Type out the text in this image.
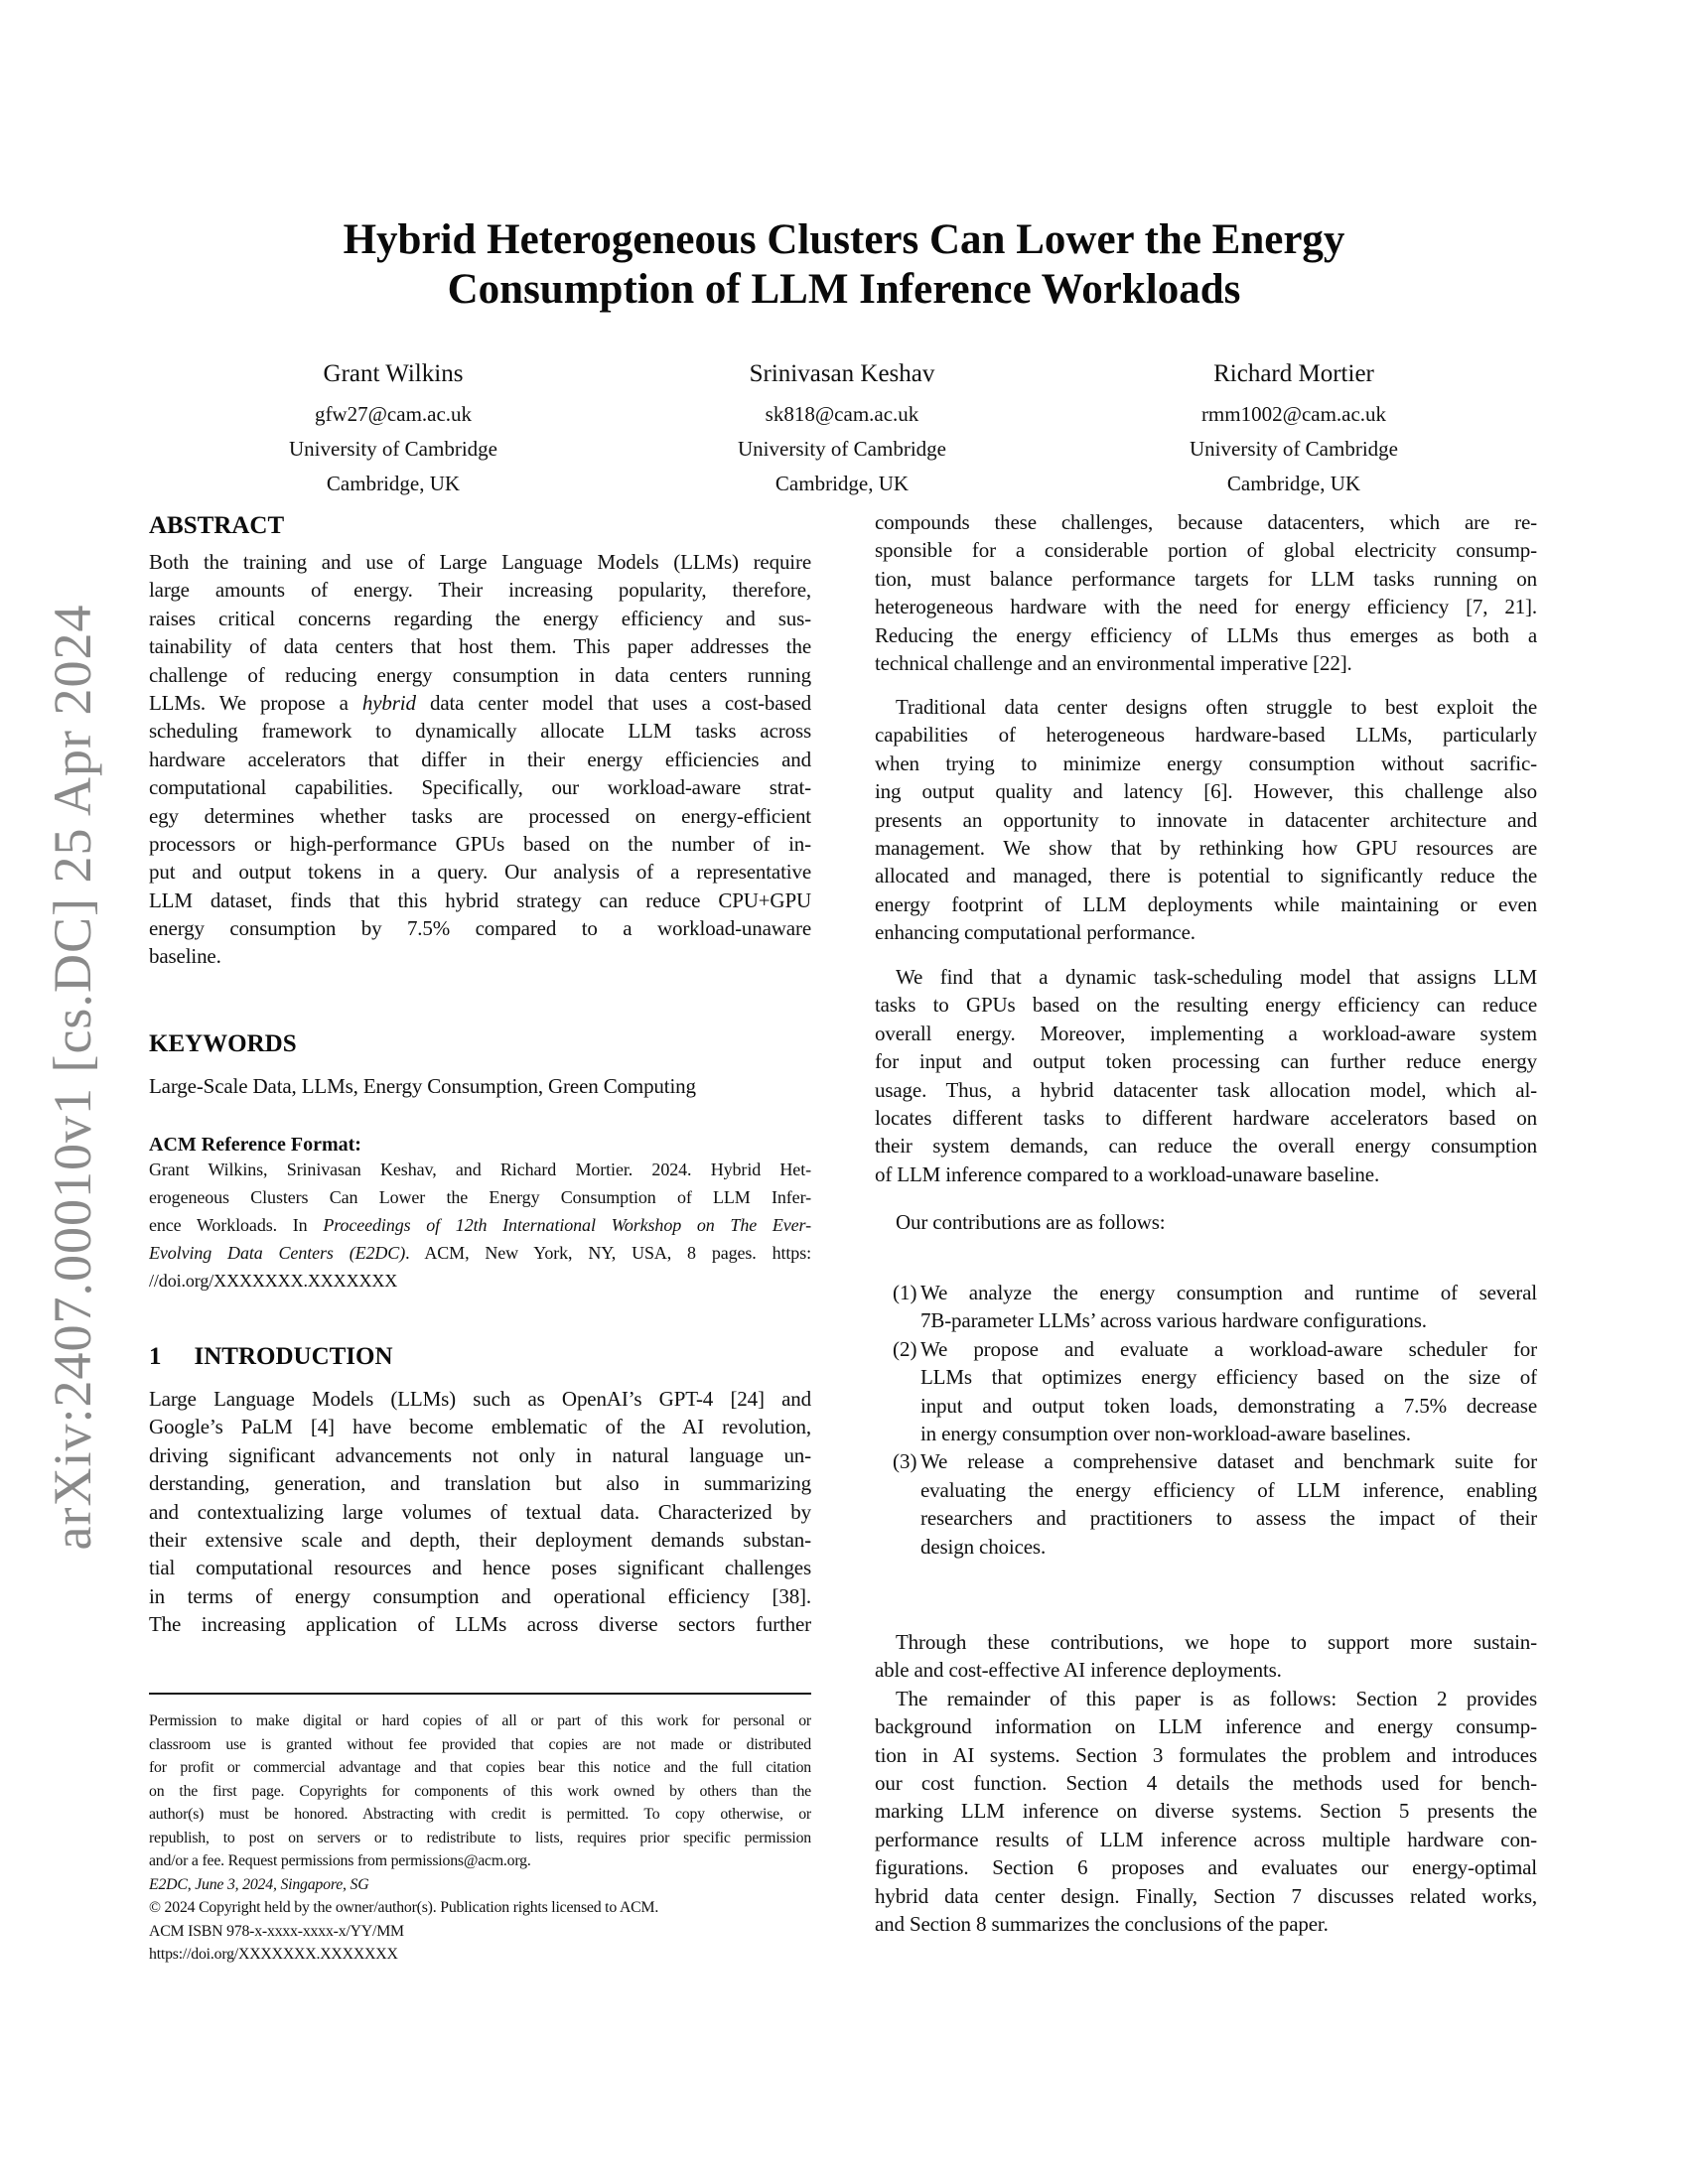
arXiv:2407.00010v1 [cs.DC] 25 Apr 2024
Hybrid Heterogeneous Clusters Can Lower the Energy
Consumption of LLM Inference Workloads
Grant Wilkins
gfw27@cam.ac.uk
University of Cambridge
Cambridge, UK
Srinivasan Keshav
sk818@cam.ac.uk
University of Cambridge
Cambridge, UK
Richard Mortier
rmm1002@cam.ac.uk
University of Cambridge
Cambridge, UK
ABSTRACT
Both the training and use of Large Language Models (LLMs) require
large amounts of energy. Their increasing popularity, therefore,
raises critical concerns regarding the energy efficiency and sus-
tainability of data centers that host them. This paper addresses the
challenge of reducing energy consumption in data centers running
LLMs. We propose a hybrid data center model that uses a cost-based
scheduling framework to dynamically allocate LLM tasks across
hardware accelerators that differ in their energy efficiencies and
computational capabilities. Specifically, our workload-aware strat-
egy determines whether tasks are processed on energy-efficient
processors or high-performance GPUs based on the number of in-
put and output tokens in a query. Our analysis of a representative
LLM dataset, finds that this hybrid strategy can reduce CPU+GPU
energy consumption by 7.5% compared to a workload-unaware
baseline.
KEYWORDS
Large-Scale Data, LLMs, Energy Consumption, Green Computing
ACM Reference Format:
Grant Wilkins, Srinivasan Keshav, and Richard Mortier. 2024. Hybrid Het-
erogeneous Clusters Can Lower the Energy Consumption of LLM Infer-
ence Workloads. In Proceedings of 12th International Workshop on The Ever-
Evolving Data Centers (E2DC). ACM, New York, NY, USA, 8 pages. https:
//doi.org/XXXXXXX.XXXXXXX
1 INTRODUCTION
Large Language Models (LLMs) such as OpenAI’s GPT-4 [24] and
Google’s PaLM [4] have become emblematic of the AI revolution,
driving significant advancements not only in natural language un-
derstanding, generation, and translation but also in summarizing
and contextualizing large volumes of textual data. Characterized by
their extensive scale and depth, their deployment demands substan-
tial computational resources and hence poses significant challenges
in terms of energy consumption and operational efficiency [38].
The increasing application of LLMs across diverse sectors further
Permission to make digital or hard copies of all or part of this work for personal or
classroom use is granted without fee provided that copies are not made or distributed
for profit or commercial advantage and that copies bear this notice and the full citation
on the first page. Copyrights for components of this work owned by others than the
author(s) must be honored. Abstracting with credit is permitted. To copy otherwise, or
republish, to post on servers or to redistribute to lists, requires prior specific permission
and/or a fee. Request permissions from permissions@acm.org.
E2DC, June 3, 2024, Singapore, SG
© 2024 Copyright held by the owner/author(s). Publication rights licensed to ACM.
ACM ISBN 978-x-xxxx-xxxx-x/YY/MM
https://doi.org/XXXXXXX.XXXXXXX
compounds these challenges, because datacenters, which are re-
sponsible for a considerable portion of global electricity consump-
tion, must balance performance targets for LLM tasks running on
heterogeneous hardware with the need for energy efficiency [7, 21].
Reducing the energy efficiency of LLMs thus emerges as both a
technical challenge and an environmental imperative [22].
Traditional data center designs often struggle to best exploit the
capabilities of heterogeneous hardware-based LLMs, particularly
when trying to minimize energy consumption without sacrific-
ing output quality and latency [6]. However, this challenge also
presents an opportunity to innovate in datacenter architecture and
management. We show that by rethinking how GPU resources are
allocated and managed, there is potential to significantly reduce the
energy footprint of LLM deployments while maintaining or even
enhancing computational performance.
We find that a dynamic task-scheduling model that assigns LLM
tasks to GPUs based on the resulting energy efficiency can reduce
overall energy. Moreover, implementing a workload-aware system
for input and output token processing can further reduce energy
usage. Thus, a hybrid datacenter task allocation model, which al-
locates different tasks to different hardware accelerators based on
their system demands, can reduce the overall energy consumption
of LLM inference compared to a workload-unaware baseline.
Our contributions are as follows:
(1) We analyze the energy consumption and runtime of several
7B-parameter LLMs’ across various hardware configurations.
(2) We propose and evaluate a workload-aware scheduler for
LLMs that optimizes energy efficiency based on the size of
input and output token loads, demonstrating a 7.5% decrease
in energy consumption over non-workload-aware baselines.
(3) We release a comprehensive dataset and benchmark suite for
evaluating the energy efficiency of LLM inference, enabling
researchers and practitioners to assess the impact of their
design choices.
Through these contributions, we hope to support more sustain-
able and cost-effective AI inference deployments.
The remainder of this paper is as follows: Section 2 provides
background information on LLM inference and energy consump-
tion in AI systems. Section 3 formulates the problem and introduces
our cost function. Section 4 details the methods used for bench-
marking LLM inference on diverse systems. Section 5 presents the
performance results of LLM inference across multiple hardware con-
figurations. Section 6 proposes and evaluates our energy-optimal
hybrid data center design. Finally, Section 7 discusses related works,
and Section 8 summarizes the conclusions of the paper.
